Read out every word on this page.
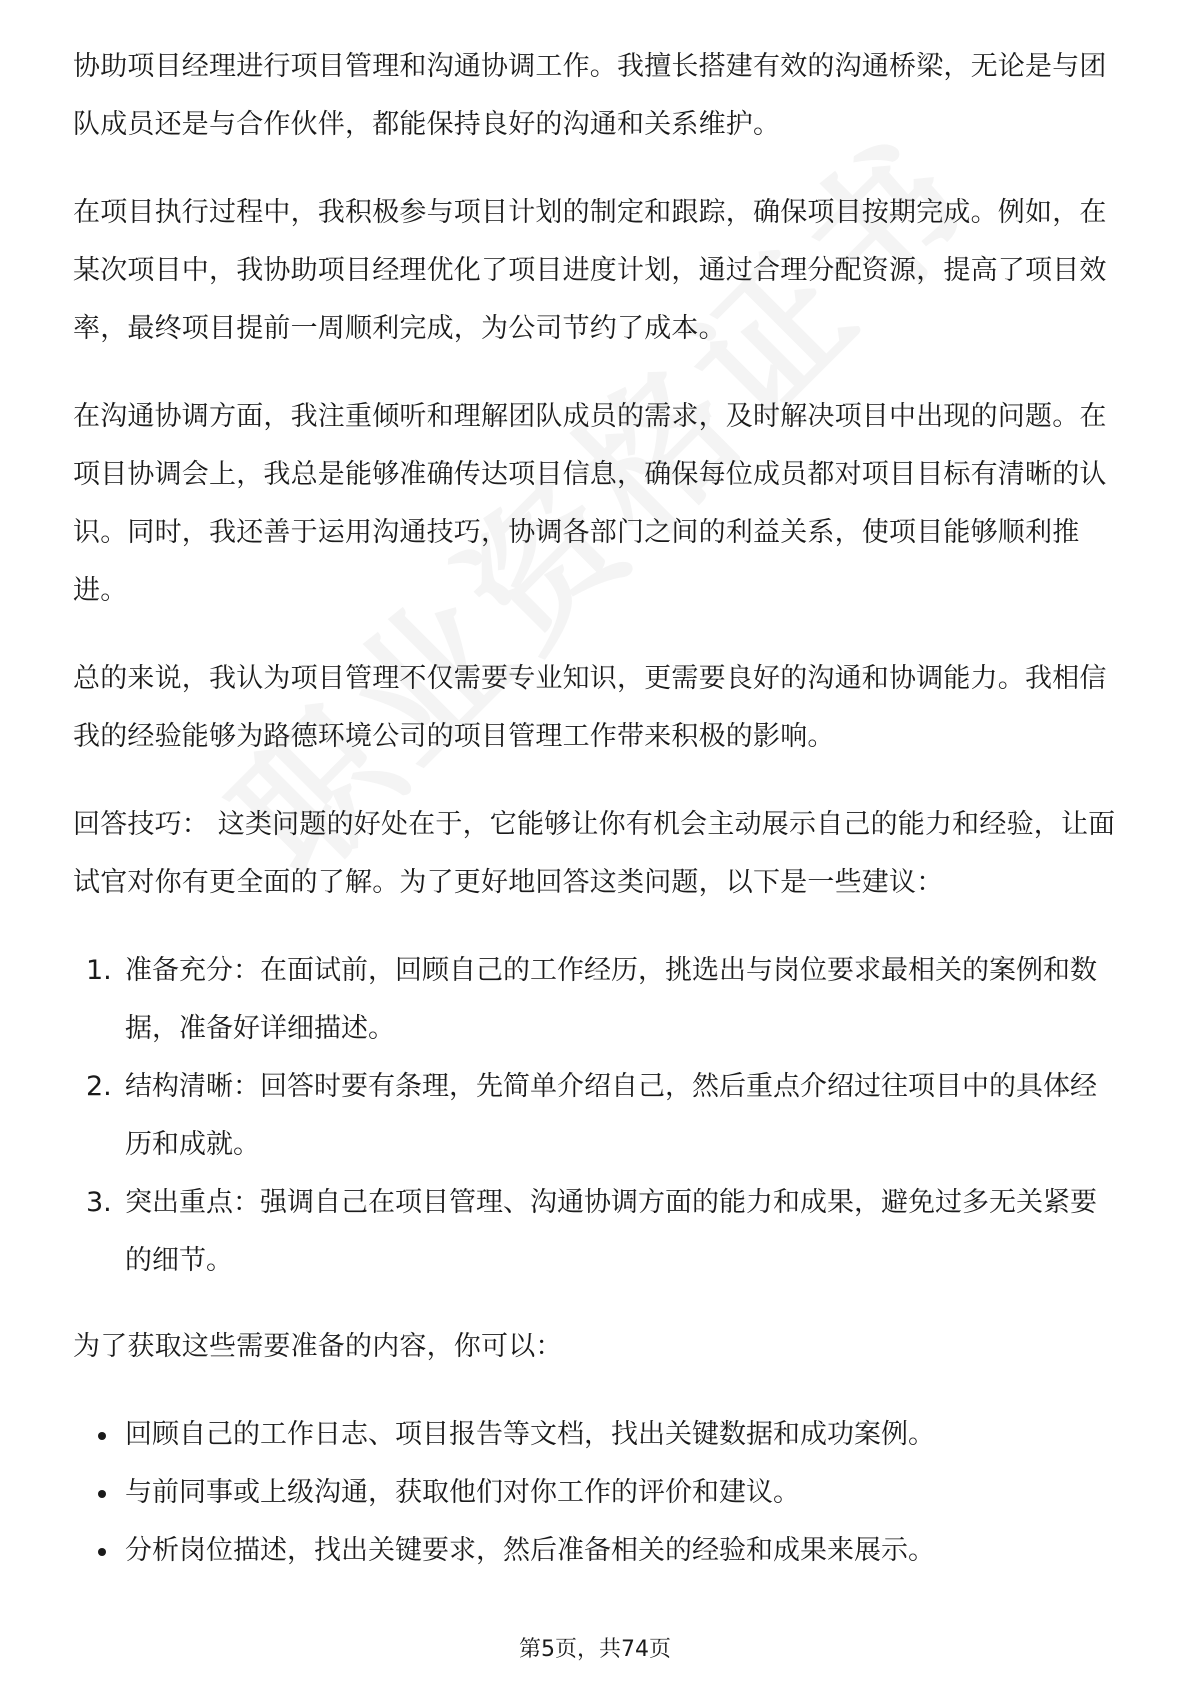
协助项目经理进行项目管理和沟通协调工作。我擅长搭建有效的沟通桥梁，无论是与团队成员还是与合作伙伴，都能保持良好的沟通和关系维护。

在项目执行过程中，我积极参与项目计划的制定和跟踪，确保项目按期完成。例如，在某次项目中，我协助项目经理优化了项目进度计划，通过合理分配资源，提高了项目效率，最终项目提前一周顺利完成，为公司节约了成本。

在沟通协调方面，我注重倾听和理解团队成员的需求，及时解决项目中出现的问题。在项目协调会上，我总是能够准确传达项目信息，确保每位成员都对项目目标有清晰的认识。同时，我还善于运用沟通技巧，协调各部门之间的利益关系，使项目能够顺利推进。

总的来说，我认为项目管理不仅需要专业知识，更需要良好的沟通和协调能力。我相信我的经验能够为路德环境公司的项目管理工作带来积极的影响。

回答技巧： 这类问题的好处在于，它能够让你有机会主动展示自己的能力和经验，让面试官对你有更全面的了解。为了更好地回答这类问题，以下是一些建议：

1. 准备充分：在面试前，回顾自己的工作经历，挑选出与岗位要求最相关的案例和数据，准备好详细描述。
2. 结构清晰：回答时要有条理，先简单介绍自己，然后重点介绍过往项目中的具体经历和成就。
3. 突出重点：强调自己在项目管理、沟通协调方面的能力和成果，避免过多无关紧要的细节。

为了获取这些需要准备的内容，你可以：

回顾自己的工作日志、项目报告等文档，找出关键数据和成功案例。
与前同事或上级沟通，获取他们对你工作的评价和建议。
分析岗位描述，找出关键要求，然后准备相关的经验和成果来展示。
第5页，共74页
